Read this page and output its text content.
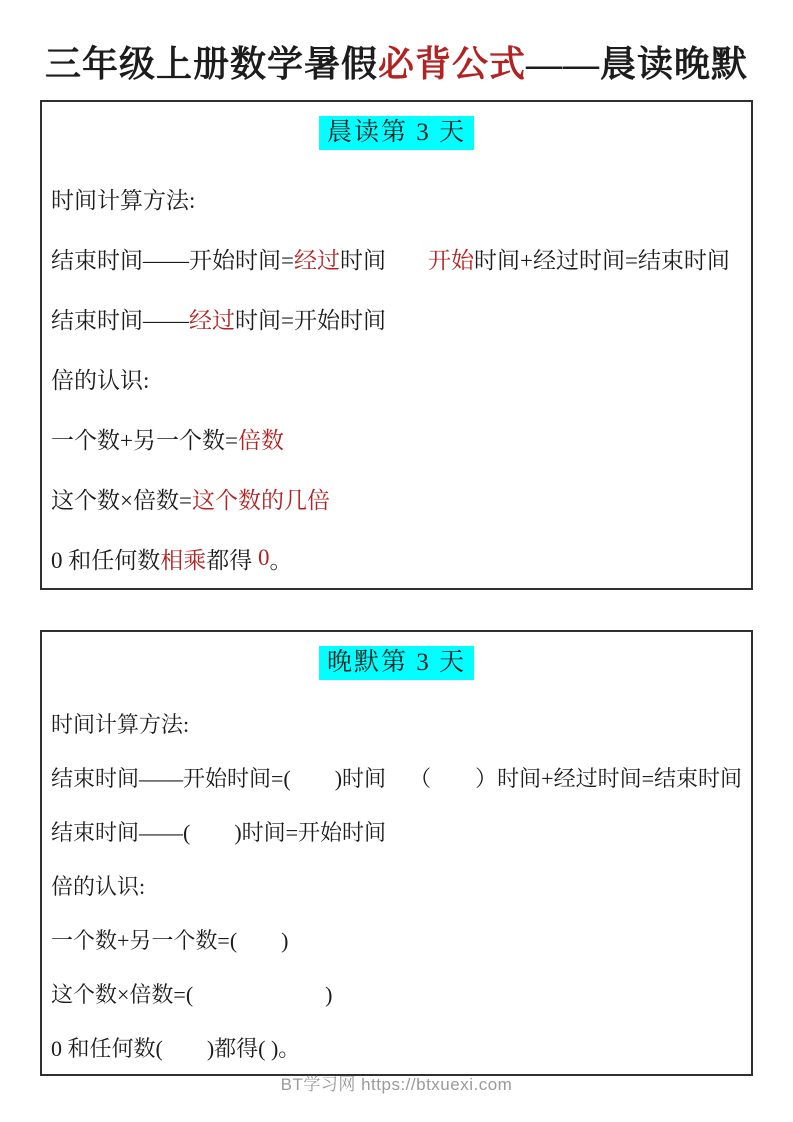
三年级上册数学暑假必背公式——晨读晚默
晨读第 3 天
时间计算方法:
结束时间——开始时间= 经过 时间 开始 时间+经过时间=结束时间
结束时间—— 经过 时间=开始时间
倍的认识:
一个数+另一个数= 倍数
这个数×倍数= 这个数的几倍
0 和任何数 相乘 都得 0 。
晚默第 3 天
时间计算方法:
结束时间——开始时间=(　　)时间 （　　）时间+经过时间=结束时间
结束时间——(　　)时间=开始时间
倍的认识:
一个数+另一个数=(　　)
这个数×倍数=(　　　　　　)
0 和任何数(　　)都得( )。
BT学习网 https://btxuexi.com
